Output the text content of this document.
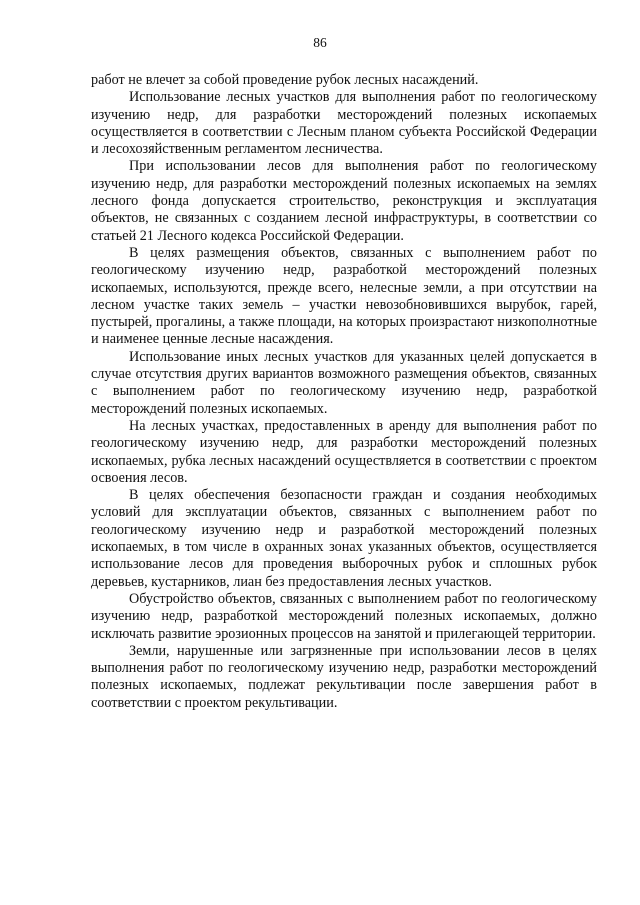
86

работ не влечет за собой проведение рубок лесных насаждений.

Использование лесных участков для выполнения работ по геологическому изучению недр, для разработки месторождений полезных ископаемых осуществляется в соответствии с Лесным планом субъекта Российской Федерации и лесохозяйственным регламентом лесничества.

При использовании лесов для выполнения работ по геологическому изучению недр, для разработки месторождений полезных ископаемых на землях лесного фонда допускается строительство, реконструкция и эксплуатация объектов, не связанных с созданием лесной инфраструктуры, в соответствии со статьей 21 Лесного кодекса Российской Федерации.

В целях размещения объектов, связанных с выполнением работ по геологическому изучению недр, разработкой месторождений полезных ископаемых, используются, прежде всего, нелесные земли, а при отсутствии на лесном участке таких земель – участки невозобновившихся вырубок, гарей, пустырей, прогалины, а также площади, на которых произрастают низкополнотные и наименее ценные лесные насаждения.

Использование иных лесных участков для указанных целей допускается в случае отсутствия других вариантов возможного размещения объектов, связанных с выполнением работ по геологическому изучению недр, разработкой месторождений полезных ископаемых.

На лесных участках, предоставленных в аренду для выполнения работ по геологическому изучению недр, для разработки месторождений полезных ископаемых, рубка лесных насаждений осуществляется в соответствии с проектом освоения лесов.

В целях обеспечения безопасности граждан и создания необходимых условий для эксплуатации объектов, связанных с выполнением работ по геологическому изучению недр и разработкой месторождений полезных ископаемых, в том числе в охранных зонах указанных объектов, осуществляется использование лесов для проведения выборочных рубок и сплошных рубок деревьев, кустарников, лиан без предоставления лесных участков.

Обустройство объектов, связанных с выполнением работ по геологическому изучению недр, разработкой месторождений полезных ископаемых, должно исключать развитие эрозионных процессов на занятой и прилегающей территории.

Земли, нарушенные или загрязненные при использовании лесов в целях выполнения работ по геологическому изучению недр, разработки месторождений полезных ископаемых, подлежат рекультивации после завершения работ в соответствии с проектом рекультивации.
